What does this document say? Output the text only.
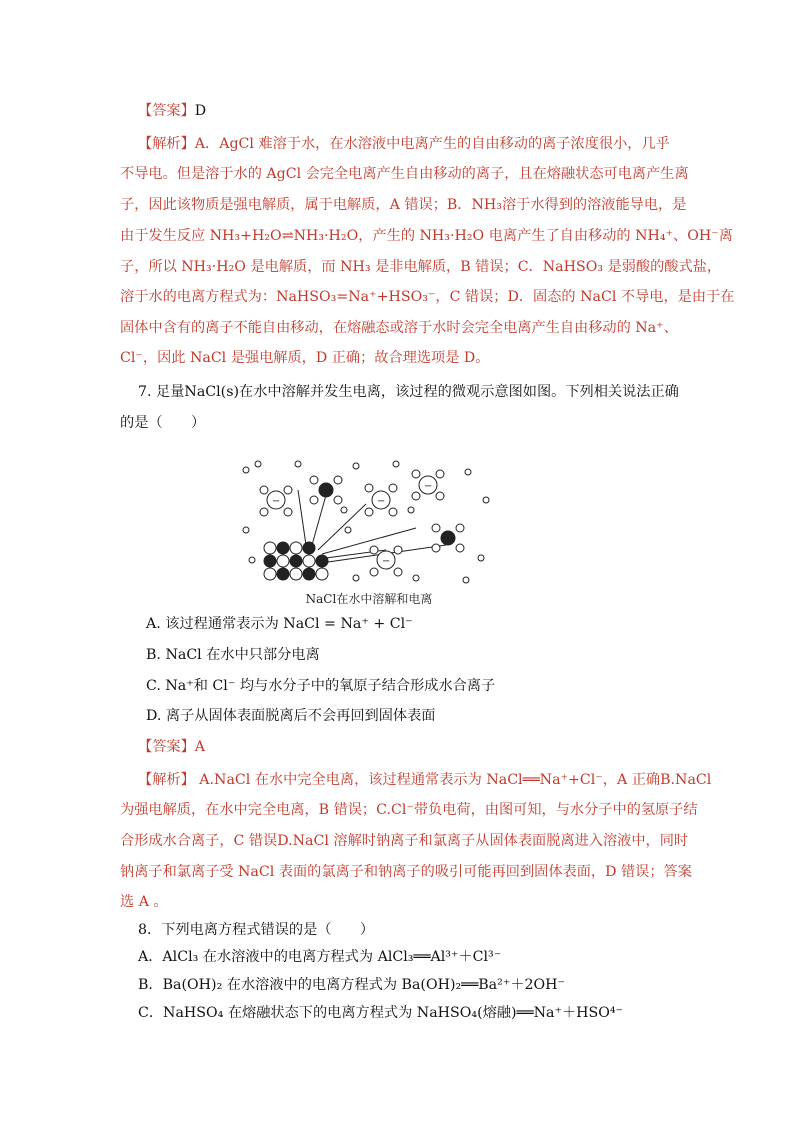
【答案】D
【解析】A．AgCl 难溶于水，在水溶液中电离产生的自由移动的离子浓度很小，几乎
不导电。但是溶于水的 AgCl 会完全电离产生自由移动的离子，且在熔融状态可电离产生离
子，因此该物质是强电解质，属于电解质，A 错误；B．NH₃溶于水得到的溶液能导电，是
由于发生反应 NH₃+H₂O⇌NH₃·H₂O，产生的 NH₃·H₂O 电离产生了自由移动的 NH₄⁺、OH⁻离
子，所以 NH₃·H₂O 是电解质，而 NH₃ 是非电解质，B 错误；C．NaHSO₃ 是弱酸的酸式盐，
溶于水的电离方程式为：NaHSO₃=Na⁺+HSO₃⁻，C 错误；D．固态的 NaCl 不导电，是由于在
固体中含有的离子不能自由移动，在熔融态或溶于水时会完全电离产生自由移动的 Na⁺、
Cl⁻，因此 NaCl 是强电解质，D 正确；故合理选项是 D。
7. 足量NaCl(s)在水中溶解并发生电离，该过程的微观示意图如图。下列相关说法正确
的是（　　）
−	−
−
−
NaCl在水中溶解和电离
A. 该过程通常表示为 NaCl = Na⁺ + Cl⁻
B. NaCl 在水中只部分电离
C. Na⁺和 Cl⁻ 均与水分子中的氧原子结合形成水合离子
D. 离子从固体表面脱离后不会再回到固体表面
【答案】A
【解析】 A.NaCl 在水中完全电离，该过程通常表示为 NaCl══Na⁺+Cl⁻，A 正确B.NaCl
为强电解质，在水中完全电离，B 错误；C.Cl⁻带负电荷，由图可知，与水分子中的氢原子结
合形成水合离子，C 错误D.NaCl 溶解时钠离子和氯离子从固体表面脱离进入溶液中，同时
钠离子和氯离子受 NaCl 表面的氯离子和钠离子的吸引可能再回到固体表面，D 错误；答案
选 A 。
8．下列电离方程式错误的是（　　）
A．AlCl₃ 在水溶液中的电离方程式为 AlCl₃══Al³⁺＋Cl³⁻
B．Ba(OH)₂ 在水溶液中的电离方程式为 Ba(OH)₂══Ba²⁺＋2OH⁻
C．NaHSO₄ 在熔融状态下的电离方程式为 NaHSO₄(熔融)══Na⁺＋HSO⁴⁻
